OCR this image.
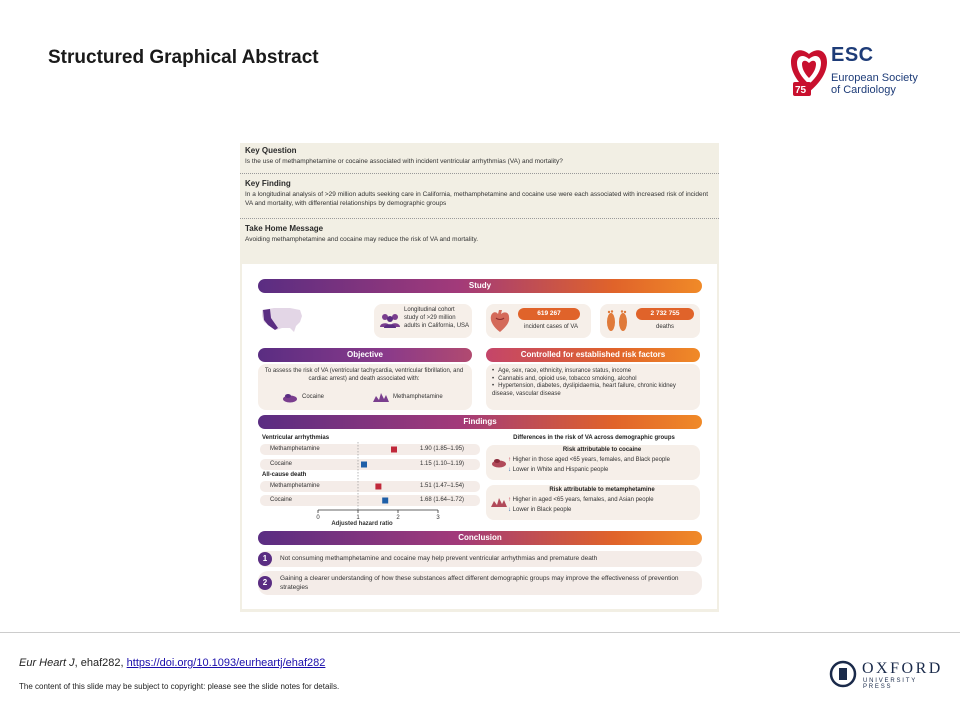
Structured Graphical Abstract
75
ESC
European Society
of Cardiology
Key Question
Is the use of methamphetamine or cocaine associated with incident ventricular arrhythmias (VA) and mortality?
Key Finding
In a longitudinal analysis of >29 million adults seeking care in California, methamphetamine and cocaine use were each associated with increased risk of incident VA and mortality, with differential relationships by demographic groups
Take Home Message
Avoiding methamphetamine and cocaine may reduce the risk of VA and mortality.
Study
Longitudinal cohort study of >29 million adults in California, USA
619 267
incident cases of VA
2 732 755
deaths
Objective
To assess the risk of VA (ventricular tachycardia, ventricular fibrillation, and cardiac arrest) and death associated with:
Cocaine	Methamphetamine
Controlled for established risk factors
• Age, sex, race, ethnicity, insurance status, income
• Cannabis and, opioid use, tobacco smoking, alcohol
• Hypertension, diabetes, dyslipidaemia, heart failure, chronic kidney disease, vascular disease
Findings
Ventricular arrhythmias
Methamphetamine	1.90 (1.85–1.95)
Cocaine	1.15 (1.10–1.19)
All-cause death
Methamphetamine	1.51 (1.47–1.54)
Cocaine	1.68 (1.64–1.72)
0	1	2	3
Adjusted hazard ratio
Differences in the risk of VA across demographic groups
Risk attributable to cocaine
↑ Higher in those aged <65 years, females, and Black people
↓ Lower in White and Hispanic people
Risk attributable to metamphetamine
↑ Higher in aged <65 years, females, and Asian people
↓ Lower in Black people
Conclusion
1	Not consuming methamphetamine and cocaine may help prevent ventricular arrhythmias and premature death
2	Gaining a clearer understanding of how these substances affect different demographic groups may improve the effectiveness of prevention strategies
Eur Heart J, ehaf282, https://doi.org/10.1093/eurheartj/ehaf282
The content of this slide may be subject to copyright: please see the slide notes for details.
OXFORD
UNIVERSITY PRESS
